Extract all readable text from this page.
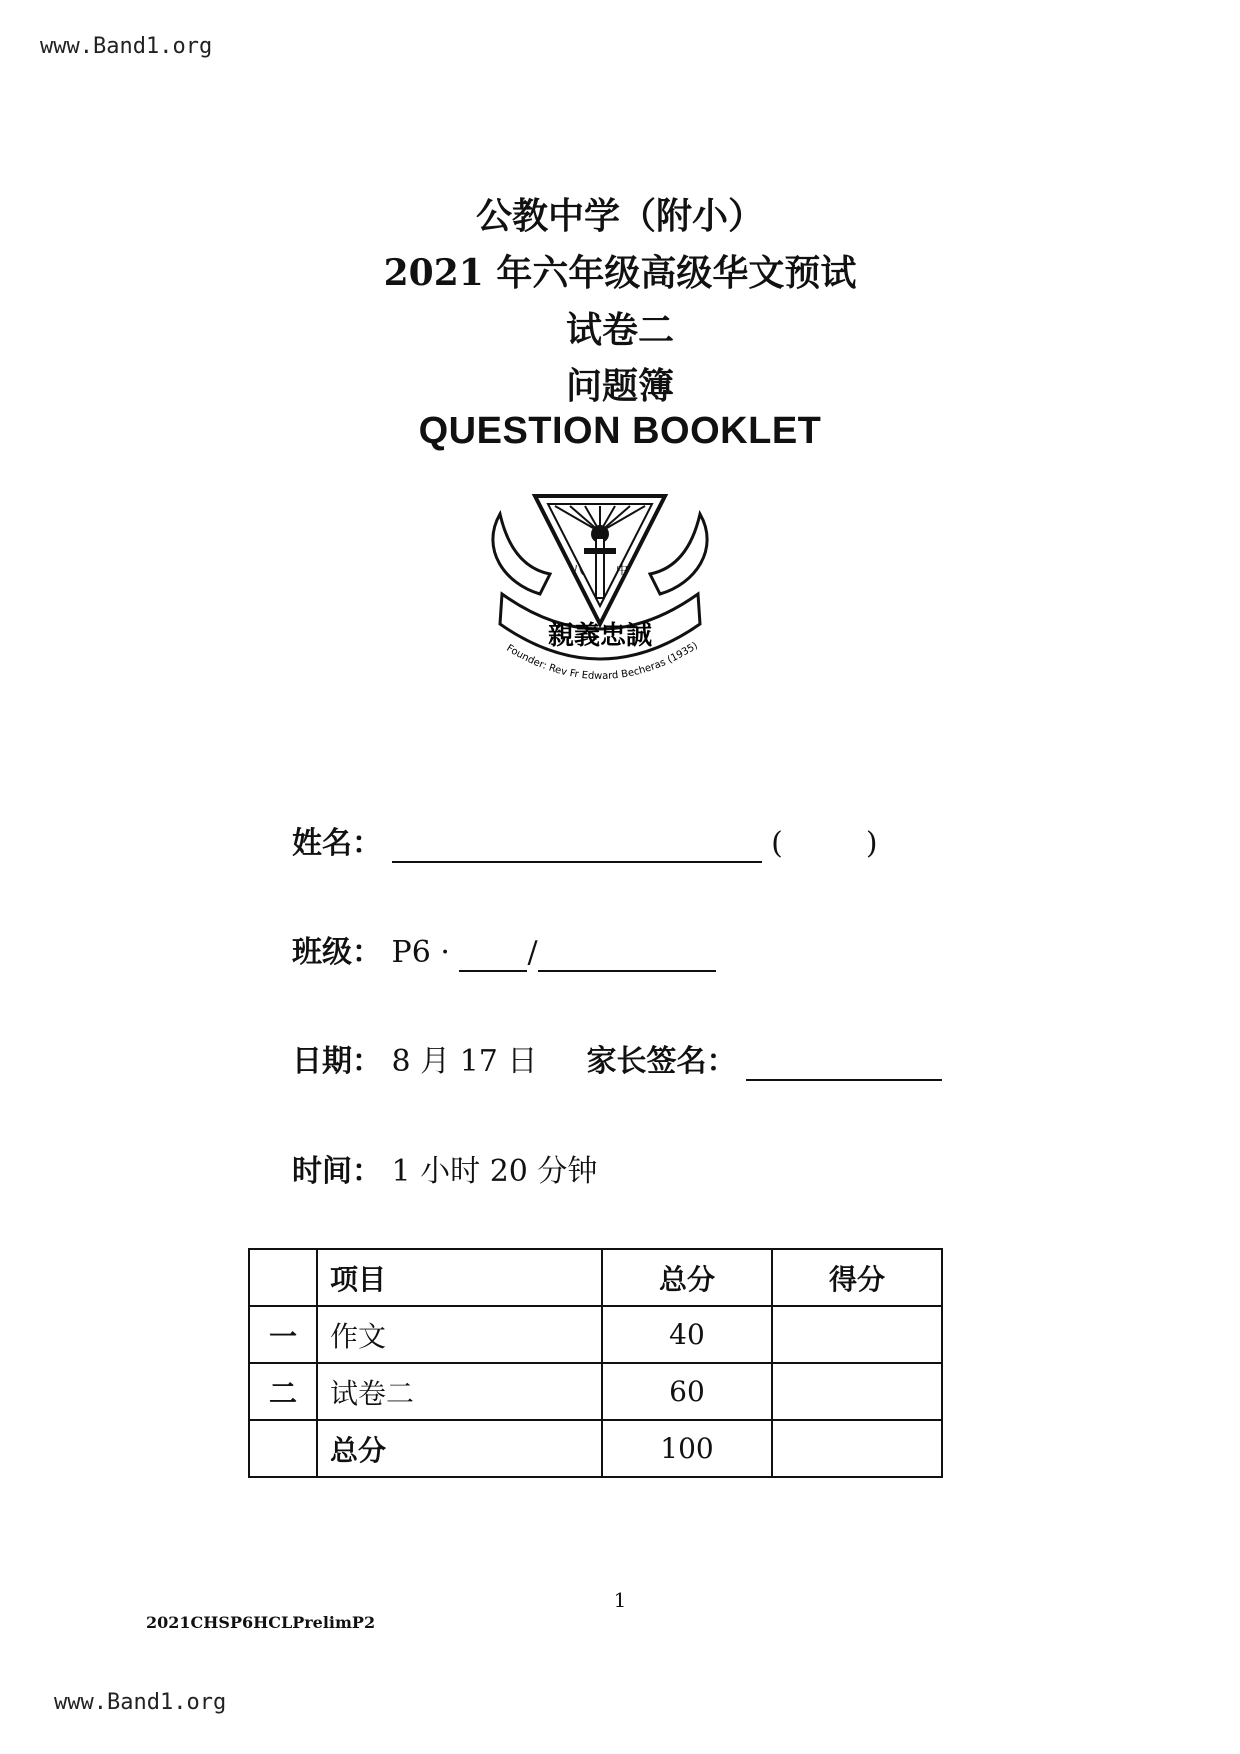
www.Band1.org
公教中学（附小）
2021 年六年级高级华文预试
试卷二
问题簿
QUESTION BOOKLET
八	中
親義忠誠
Founder: Rev Fr Edward Becheras (1935)
姓名：	(	)
班级： P6 ·	/
日期： 8 月 17 日 家长签名：
时间： 1 小时 20 分钟
	项目	总分	得分
一	作文	40	
二	试卷二	60	
	总分	100	
1
2021CHSP6HCLPrelimP2
www.Band1.org
